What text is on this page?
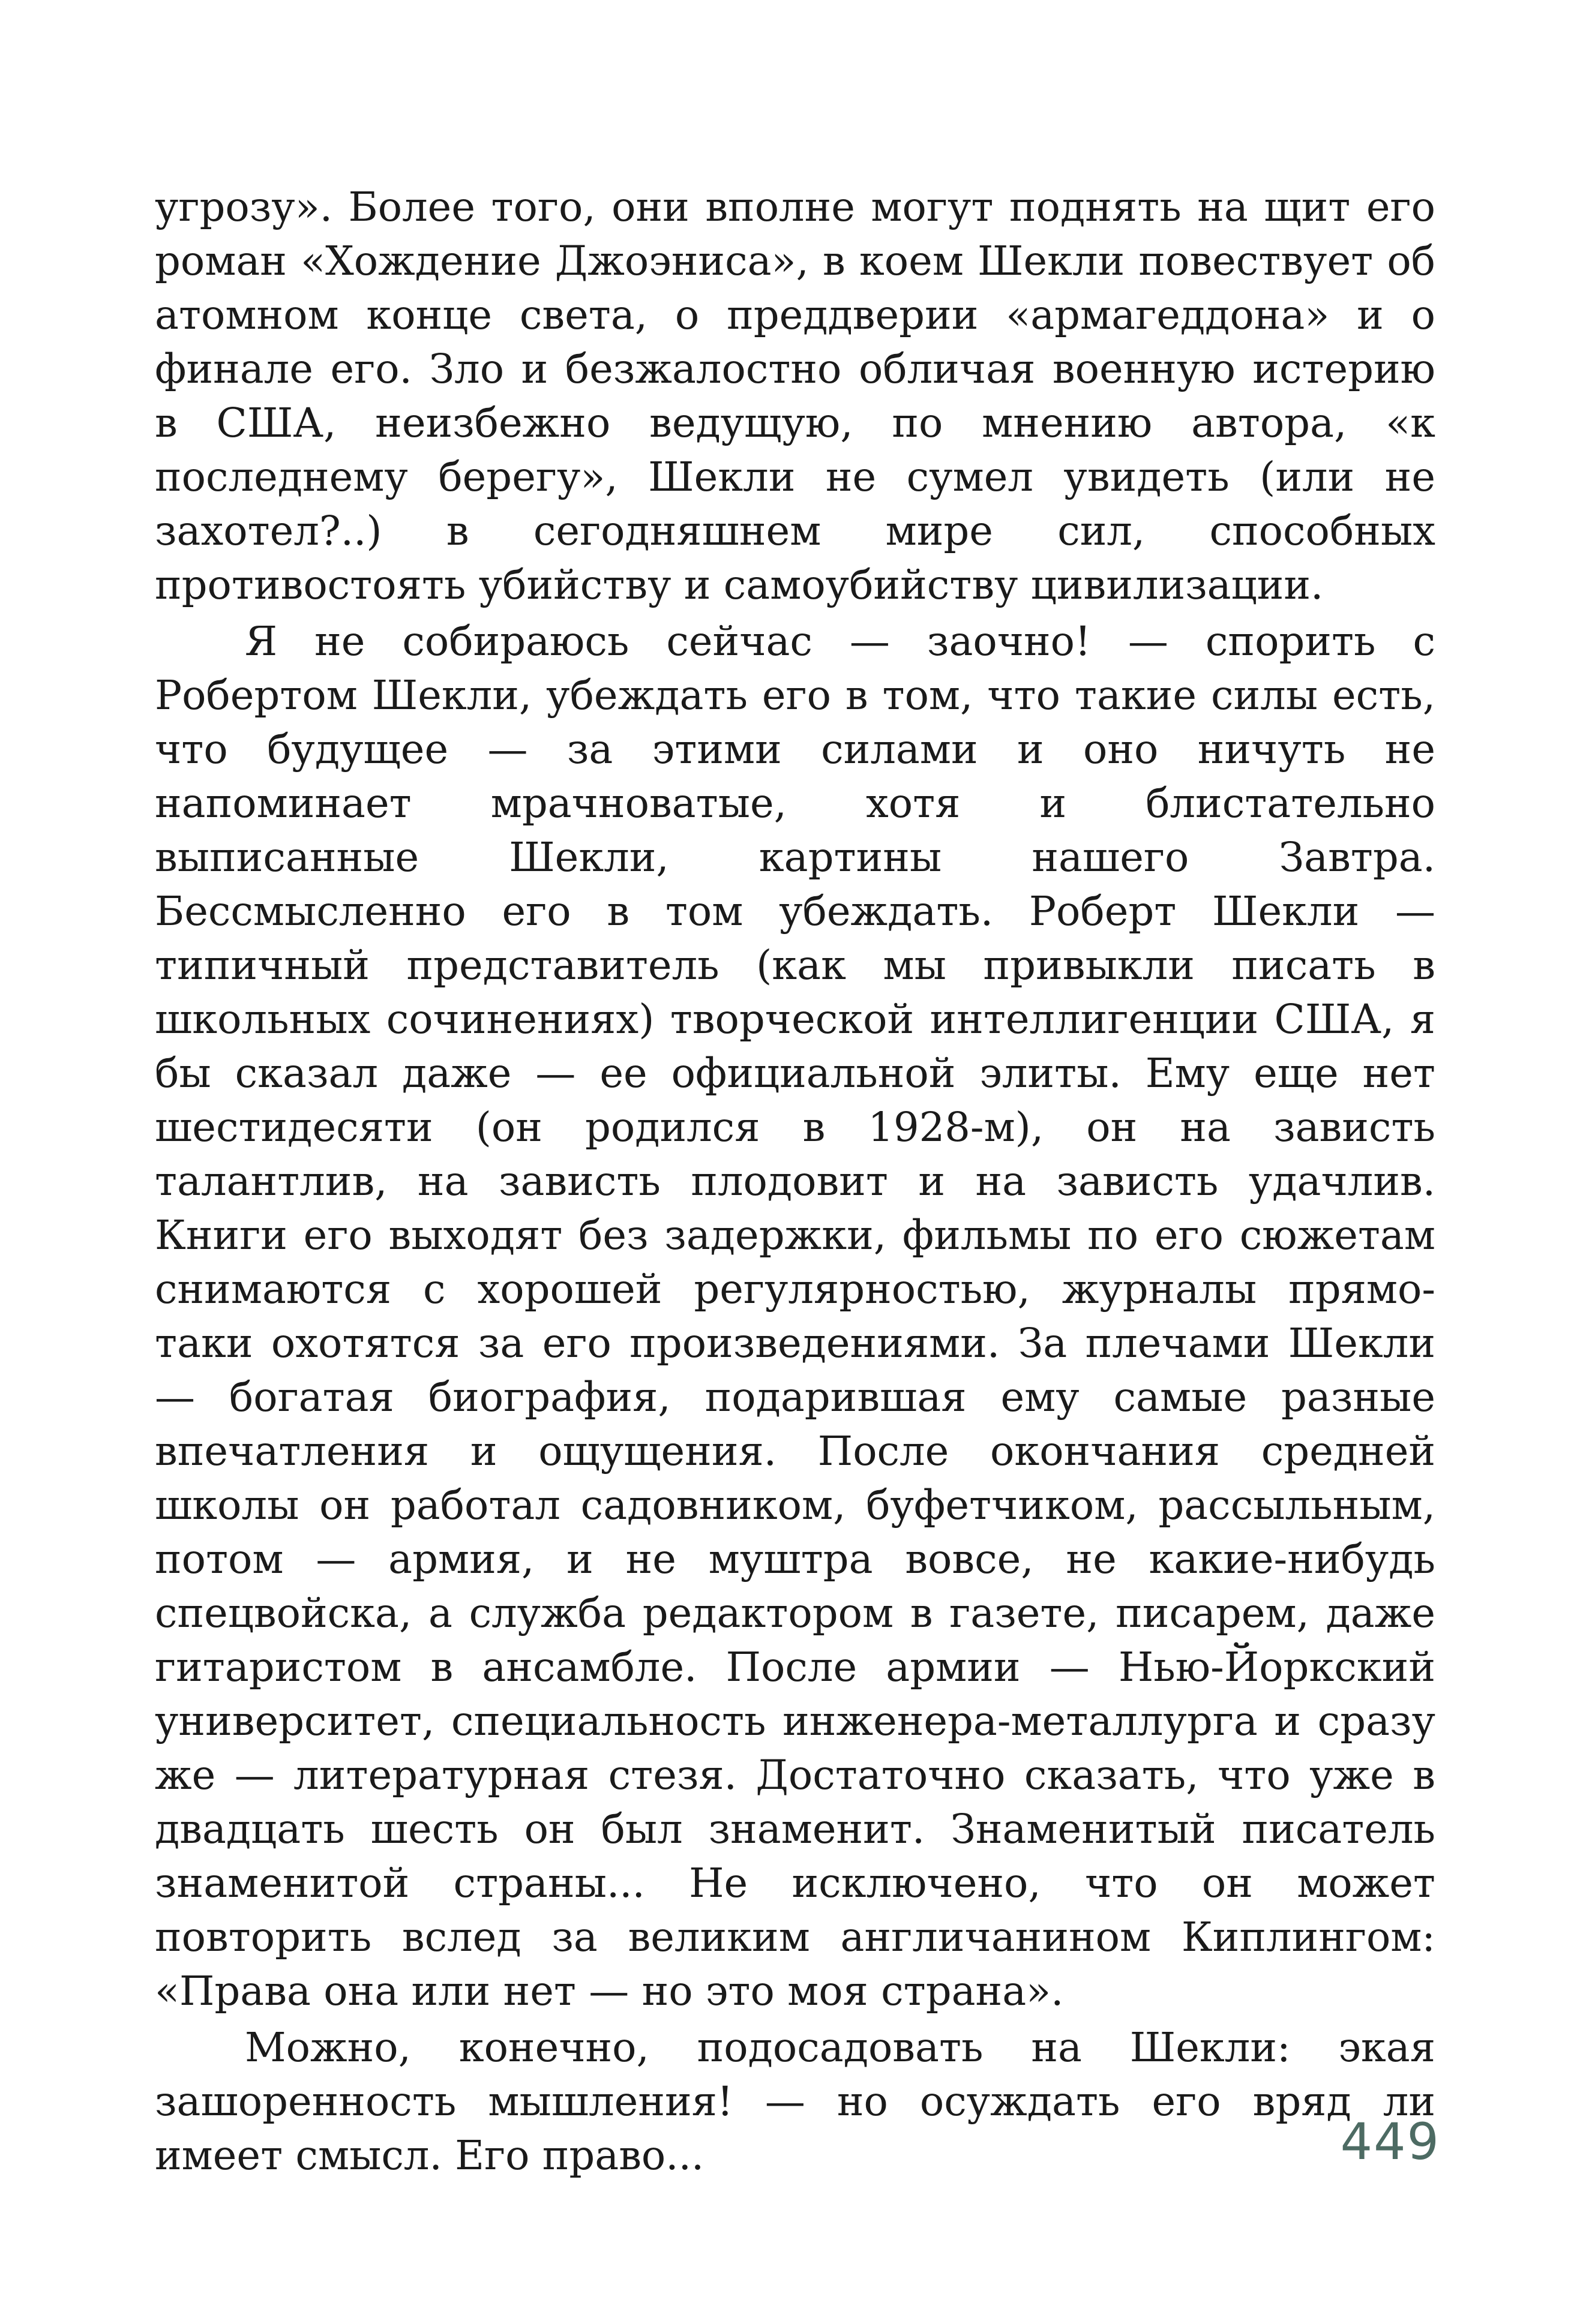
угрозу». Более того, они вполне могут поднять на щит его роман «Хождение Джоэниса», в коем Шекли повествует об атомном конце света, о преддверии «армагеддона» и о финале его. Зло и безжалостно обличая военную истерию в США, неизбежно ведущую, по мнению автора, «к последнему берегу», Шекли не сумел увидеть (или не захотел?..) в сегодняшнем мире сил, способных противостоять убийству и самоубийству цивилизации.

Я не собираюсь сейчас — заочно! — спорить с Робертом Шекли, убеждать его в том, что такие силы есть, что будущее — за этими силами и оно ничуть не напоминает мрачноватые, хотя и блистательно выписанные Шекли, картины нашего Завтра. Бессмысленно его в том убеждать. Роберт Шекли — типичный представитель (как мы привыкли писать в школьных сочинениях) творческой интеллигенции США, я бы сказал даже — ее официальной элиты. Ему еще нет шестидесяти (он родился в 1928-м), он на зависть талантлив, на зависть плодовит и на зависть удачлив. Книги его выходят без задержки, фильмы по его сюжетам снимаются с хорошей регулярностью, журналы прямо-таки охотятся за его произведениями. За плечами Шекли — богатая биография, подарившая ему самые разные впечатления и ощущения. После окончания средней школы он работал садовником, буфетчиком, рассыльным, потом — армия, и не муштра вовсе, не какие-нибудь спецвойска, а служба редактором в газете, писарем, даже гитаристом в ансамбле. После армии — Нью-Йоркский университет, специальность инженера-металлурга и сразу же — литературная стезя. Достаточно сказать, что уже в двадцать шесть он был знаменит. Знаменитый писатель знаменитой страны... Не исключено, что он может повторить вслед за великим англичанином Киплингом: «Права она или нет — но это моя страна».

Можно, конечно, подосадовать на Шекли: экая зашоренность мышления! — но осуждать его вряд ли имеет смысл. Его право...	449
